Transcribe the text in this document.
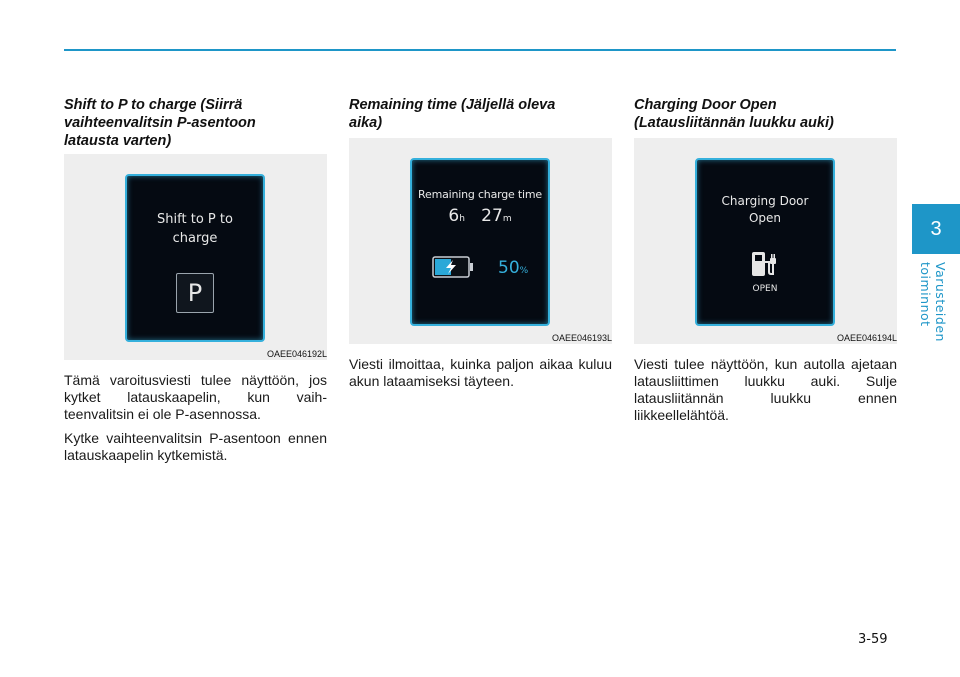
3
Varusteiden toiminnot
Shift to P to charge (Siirrä
vaihteenvalitsin P-asentoon
latausta varten)
Shift to P to
charge
P
OAEE046192L

Tämä varoitusviesti tulee näyttöön, jos kytket latauskaapelin, kun vaih-teenvalitsin ei ole P-asennossa.

Kytke vaihteenvalitsin P-asentoon ennen latauskaapelin kytkemistä.

Remaining time (Jäljellä oleva
aika)
Remaining charge time
6h 27m
50%
OAEE046193L

Viesti ilmoittaa, kuinka paljon aikaa kuluu akun lataamiseksi täyteen.

Charging Door Open
(Latausliitännän luukku auki)
Charging Door
Open
OPEN
OAEE046194L

Viesti tulee näyttöön, kun autolla ajetaan latausliittimen luukku auki. Sulje latausliitännän luukku ennen liikkeellelähtöä.

3-59
